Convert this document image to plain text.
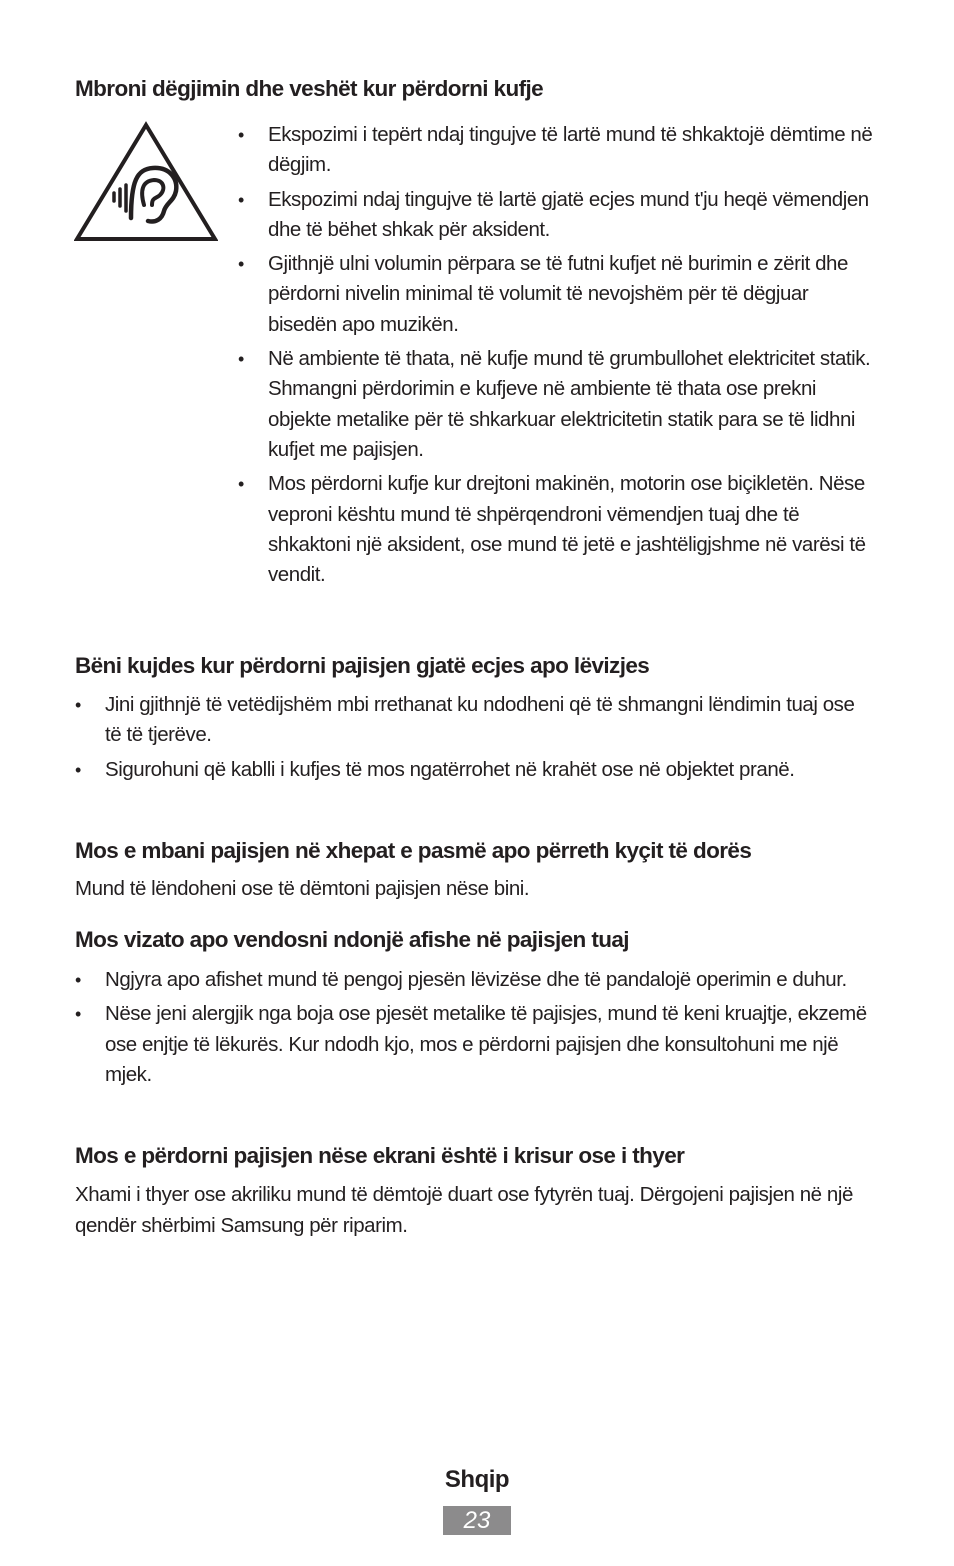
Mbroni dëgjimin dhe veshët kur përdorni kufje
• Ekspozimi i tepërt ndaj tingujve të lartë mund të shkaktojë dëmtime në dëgjim.
• Ekspozimi ndaj tingujve të lartë gjatë ecjes mund t'ju heqë vëmendjen dhe të bëhet shkak për aksident.
• Gjithnjë ulni volumin përpara se të futni kufjet në burimin e zërit dhe përdorni nivelin minimal të volumit të nevojshëm për të dëgjuar bisedën apo muzikën.
• Në ambiente të thata, në kufje mund të grumbullohet elektricitet statik. Shmangni përdorimin e kufjeve në ambiente të thata ose prekni objekte metalike për të shkarkuar elektricitetin statik para se të lidhni kufjet me pajisjen.
• Mos përdorni kufje kur drejtoni makinën, motorin ose biçikletën. Nëse veproni kështu mund të shpërqendroni vëmendjen tuaj dhe të shkaktoni një aksident, ose mund të jetë e jashtëligjshme në varësi të vendit.
Bëni kujdes kur përdorni pajisjen gjatë ecjes apo lëvizjes
• Jini gjithnjë të vetëdijshëm mbi rrethanat ku ndodheni që të shmangni lëndimin tuaj ose të të tjerëve.
• Sigurohuni që kablli i kufjes të mos ngatërrohet në krahët ose në objektet pranë.
Mos e mbani pajisjen në xhepat e pasmë apo përreth kyçit të dorës

Mund të lëndoheni ose të dëmtoni pajisjen nëse bini.

Mos vizato apo vendosni ndonjë afishe në pajisjen tuaj
• Ngjyra apo afishet mund të pengoj pjesën lëvizëse dhe të pandalojë operimin e duhur.
• Nëse jeni alergjik nga boja ose pjesët metalike të pajisjes, mund të keni kruajtje, ekzemë ose enjtje të lëkurës. Kur ndodh kjo, mos e përdorni pajisjen dhe konsultohuni me një mjek.
Mos e përdorni pajisjen nëse ekrani është i krisur ose i thyer

Xhami i thyer ose akriliku mund të dëmtojë duart ose fytyrën tuaj. Dërgojeni pajisjen në një qendër shërbimi Samsung për riparim.

Shqip
23
